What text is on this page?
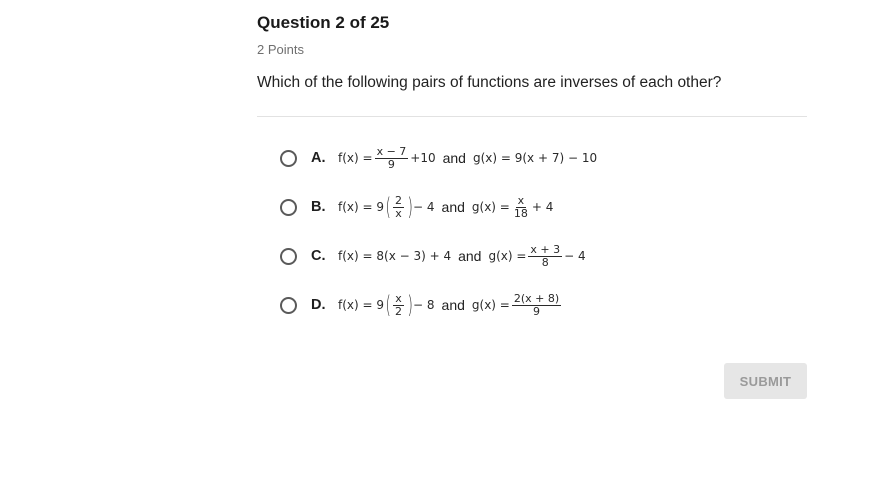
Question 2 of 25
2 Points
Which of the following pairs of functions are inverses of each other?
A. $f(x) = \frac{x - 7}{9} +10$ and g(x) = 9(x + 7) − 10
B. f(x) = 9 ( $\frac{2}{x}$ ) − 4 and $g(x) = \frac{x}{18} + 4$
C. f(x) = 8(x − 3) + 4 and $g(x) = \frac{x + 3}{8} - 4$
D. f(x) = 9 ( $\frac{x}{2}$ ) − 8 and $g(x) = \frac{2(x + 8)}{9}$
SUBMIT
